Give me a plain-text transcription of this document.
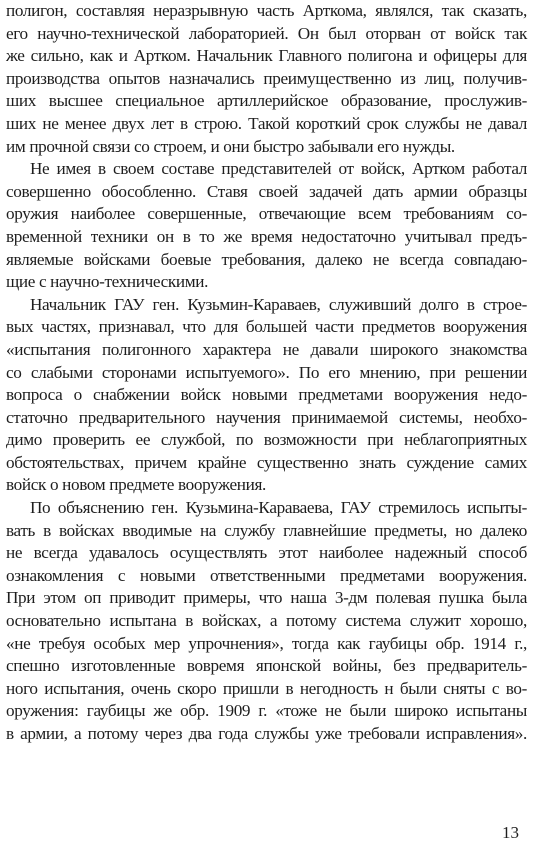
полигон, составляя неразрывную часть Арткома, являлся, так сказать,
его научно-технической лабораторией. Он был оторван от войск так
же сильно, как и Артком. Начальник Главного полигона и офицеры для
производства опытов назначались преимущественно из лиц, получив-
ших высшее специальное артиллерийское образование, прослужив-
ших не менее двух лет в строю. Такой короткий срок службы не давал
им прочной связи со строем, и они быстро забывали его нужды.
Не имея в своем составе представителей от войск, Артком работал
совершенно обособленно. Ставя своей задачей дать армии образцы
оружия наиболее совершенные, отвечающие всем требованиям со-
временной техники он в то же время недостаточно учитывал предъ-
являемые войсками боевые требования, далеко не всегда совпадаю-
щие с научно-техническими.
Начальник ГАУ ген. Кузьмин-Караваев, служивший долго в строе-
вых частях, признавал, что для большей части предметов вооружения
«испытания полигонного характера не давали широкого знакомства
со слабыми сторонами испытуемого». По его мнению, при решении
вопроса о снабжении войск новыми предметами вооружения недо-
статочно предварительного научения принимаемой системы, необхо-
димо проверить ее службой, по возможности при неблагоприятных
обстоятельствах, причем крайне существенно знать суждение самих
войск о новом предмете вооружения.
По объяснению ген. Кузьмина-Караваева, ГАУ стремилось испыты-
вать в войсках вводимые на службу главнейшие предметы, но далеко
не всегда удавалось осуществлять этот наиболее надежный способ
ознакомления с новыми ответственными предметами вооружения.
При этом оп приводит примеры, что наша 3-дм полевая пушка была
основательно испытана в войсках, а потому система служит хорошо,
«не требуя особых мер упрочнения», тогда как гаубицы обр. 1914 г.,
спешно изготовленные вовремя японской войны, без предваритель-
ного испытания, очень скоро пришли в негодность н были сняты с во-
оружения: гаубицы же обр. 1909 г. «тоже не были широко испытаны
в армии, а потому через два года службы уже требовали исправления».
13
